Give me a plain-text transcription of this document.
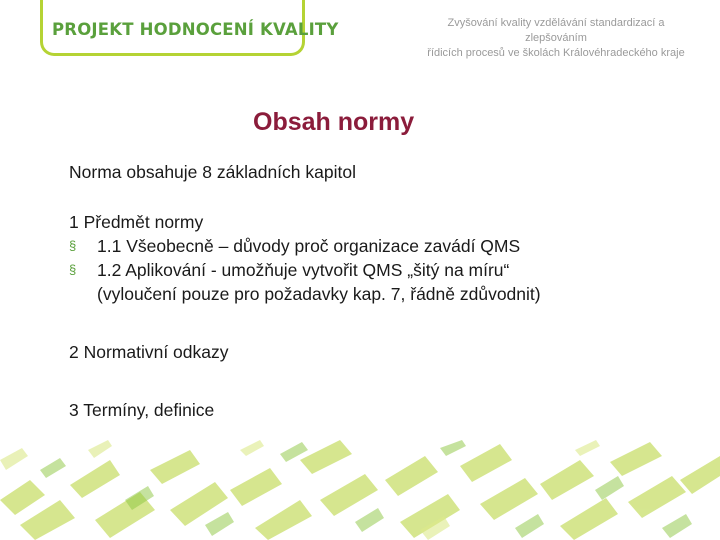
PROJEKT HODNOCENÍ KVALITY	Zvyšování kvality vzdělávání standardizací a zlepšováním
řídicích procesů ve školách Královéhradeckého kraje
Obsah normy
Norma obsahuje 8 základních kapitol
1 Předmět normy
§	1.1 Všeobecně – důvody proč organizace zavádí QMS
§	1.2 Aplikování - umožňuje vytvořit QMS „šitý na míru“
(vyloučení pouze pro požadavky kap. 7, řádně zdůvodnit)
2 Normativní odkazy
3 Termíny, definice
